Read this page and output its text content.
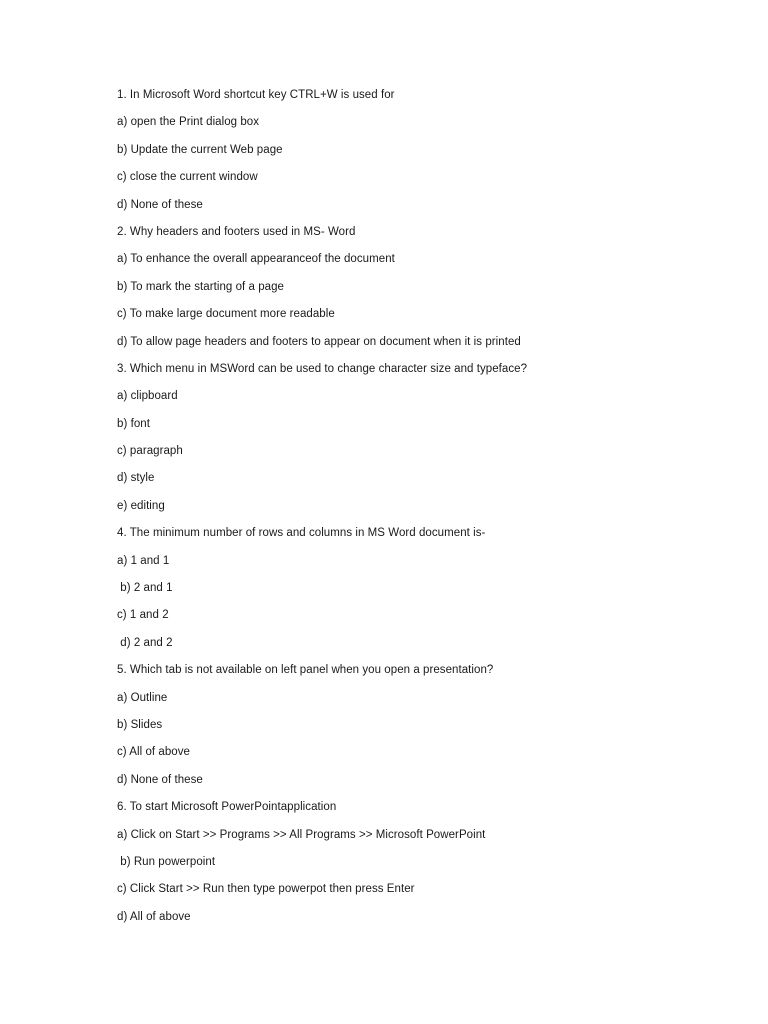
1. In Microsoft Word shortcut key CTRL+W is used for
a) open the Print dialog box
b) Update the current Web page
c) close the current window
d) None of these
2. Why headers and footers used in MS- Word
a) To enhance the overall appearanceof the document
b) To mark the starting of a page
c) To make large document more readable
d) To allow page headers and footers to appear on document when it is printed
3. Which menu in MSWord can be used to change character size and typeface?
a) clipboard
b) font
c) paragraph
d) style
e) editing
4. The minimum number of rows and columns in MS Word document is-
a) 1 and 1
b) 2 and 1
c) 1 and 2
d) 2 and 2
5. Which tab is not available on left panel when you open a presentation?
a) Outline
b) Slides
c) All of above
d) None of these
6. To start Microsoft PowerPointapplication
a) Click on Start >> Programs >> All Programs >> Microsoft PowerPoint
b) Run powerpoint
c) Click Start >> Run then type powerpot then press Enter
d) All of above
